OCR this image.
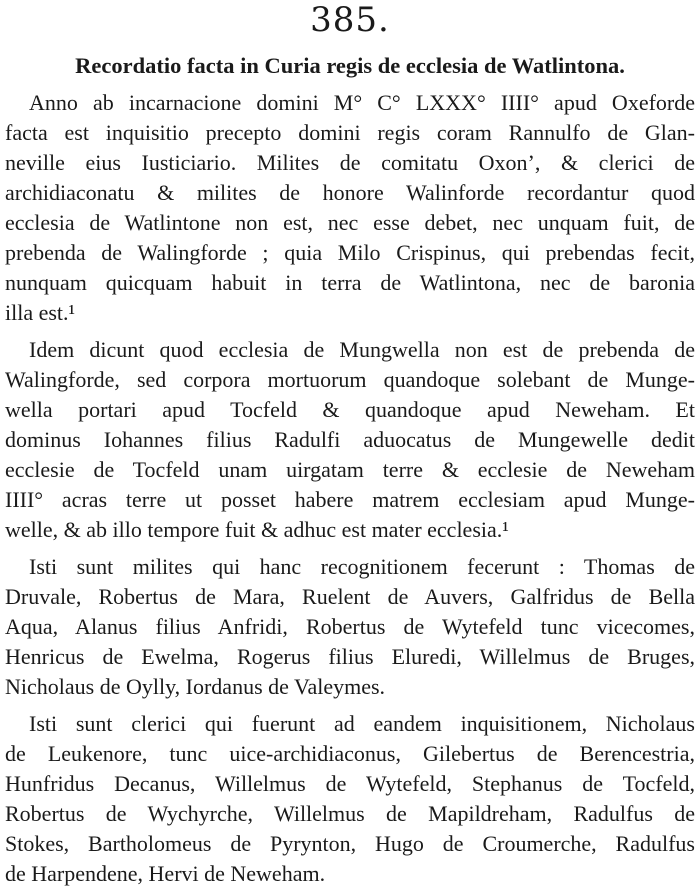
385.
Recordatio facta in Curia regis de ecclesia de Watlintona.

Anno ab incarnacione domini M° C° LXXX° IIII° apud Oxeforde
facta est inquisitio precepto domini regis coram Rannulfo de Glan-
neville eius Iusticiario. Milites de comitatu Oxon’, & clerici de
archidiaconatu & milites de honore Walinforde recordantur quod
ecclesia de Watlintone non est, nec esse debet, nec unquam fuit, de
prebenda de Walingforde ; quia Milo Crispinus, qui prebendas fecit,
nunquam quicquam habuit in terra de Watlintona, nec de baronia
illa est.¹

Idem dicunt quod ecclesia de Mungwella non est de prebenda de
Walingforde, sed corpora mortuorum quandoque solebant de Munge-
wella portari apud Tocfeld & quandoque apud Neweham. Et
dominus Iohannes filius Radulfi aduocatus de Mungewelle dedit
ecclesie de Tocfeld unam uirgatam terre & ecclesie de Neweham
IIII° acras terre ut posset habere matrem ecclesiam apud Munge-
welle, & ab illo tempore fuit & adhuc est mater ecclesia.¹

Isti sunt milites qui hanc recognitionem fecerunt : Thomas de
Druvale, Robertus de Mara, Ruelent de Auvers, Galfridus de Bella
Aqua, Alanus filius Anfridi, Robertus de Wytefeld tunc vicecomes,
Henricus de Ewelma, Rogerus filius Eluredi, Willelmus de Bruges,
Nicholaus de Oylly, Iordanus de Valeymes.

Isti sunt clerici qui fuerunt ad eandem inquisitionem, Nicholaus
de Leukenore, tunc uice-archidiaconus, Gilebertus de Berencestria,
Hunfridus Decanus, Willelmus de Wytefeld, Stephanus de Tocfeld,
Robertus de Wychyrche, Willelmus de Mapildreham, Radulfus de
Stokes, Bartholomeus de Pyrynton, Hugo de Croumerche, Radulfus
de Harpendene, Hervi de Neweham.
